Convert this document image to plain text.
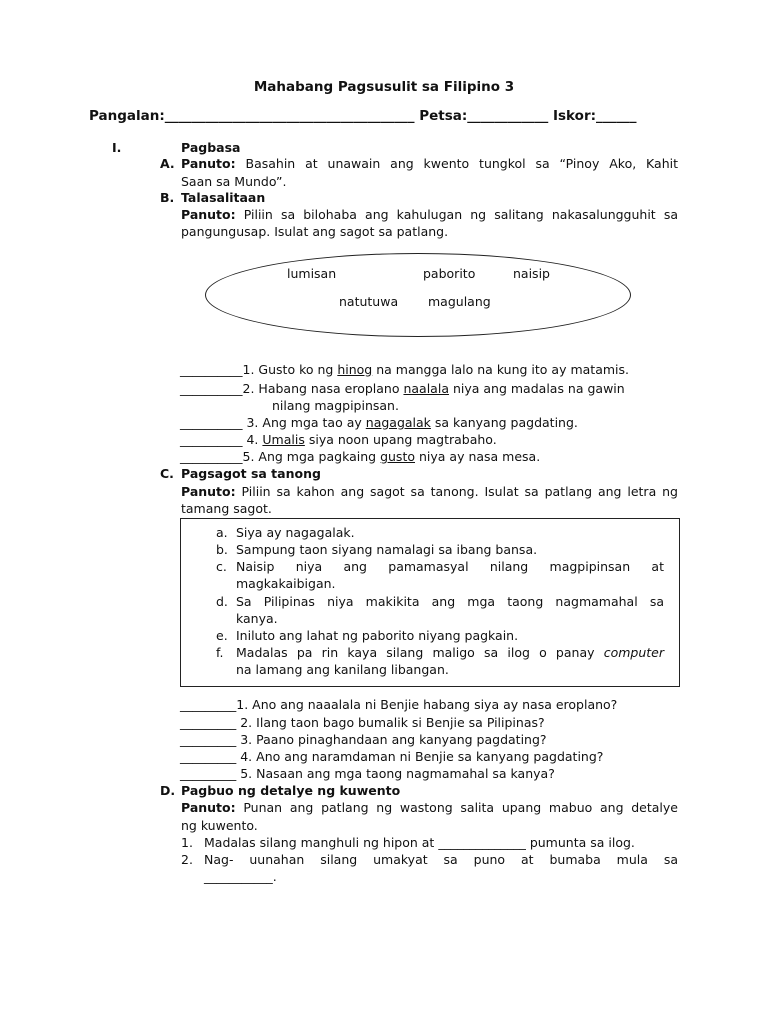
Mahabang Pagsusulit sa Filipino 3
Pangalan:_____________________________________ Petsa:____________ Iskor:______
I.	Pagbasa
A. Panuto: Basahin at unawain ang kwento tungkol sa “Pinoy Ako, Kahit
Saan sa Mundo”.
B. Talasalitaan
Panuto: Piliin sa bilohaba ang kahulugan ng salitang nakasalungguhit sa
pangungusap. Isulat ang sagot sa patlang.
lumisan	paborito	naisip
natutuwa magulang
__________1. Gusto ko ng hinog na mangga lalo na kung ito ay matamis.
__________2. Habang nasa eroplano naalala niya ang madalas na gawin
nilang magpipinsan.
__________ 3. Ang mga tao ay nagagalak sa kanyang pagdating.
__________ 4. Umalis siya noon upang magtrabaho.
__________5. Ang mga pagkaing gusto niya ay nasa mesa.
C. Pagsagot sa tanong
Panuto: Piliin sa kahon ang sagot sa tanong. Isulat sa patlang ang letra ng
tamang sagot.
a. Siya ay nagagalak.
b. Sampung taon siyang namalagi sa ibang bansa.
c. Naisip niya ang pamamasyal nilang magpipinsan at
magkakaibigan.
d. Sa Pilipinas niya makikita ang mga taong nagmamahal sa
kanya.
e. Iniluto ang lahat ng paborito niyang pagkain.
f. Madalas pa rin kaya silang maligo sa ilog o panay computer
na lamang ang kanilang libangan.
_________1. Ano ang naaalala ni Benjie habang siya ay nasa eroplano?
_________ 2. Ilang taon bago bumalik si Benjie sa Pilipinas?
_________ 3. Paano pinaghandaan ang kanyang pagdating?
_________ 4. Ano ang naramdaman ni Benjie sa kanyang pagdating?
_________ 5. Nasaan ang mga taong nagmamahal sa kanya?
D. Pagbuo ng detalye ng kuwento
Panuto: Punan ang patlang ng wastong salita upang mabuo ang detalye
ng kuwento.
1. Madalas silang manghuli ng hipon at ______________ pumunta sa ilog.
2. Nag- uunahan silang umakyat sa puno at bumaba mula sa
___________.
